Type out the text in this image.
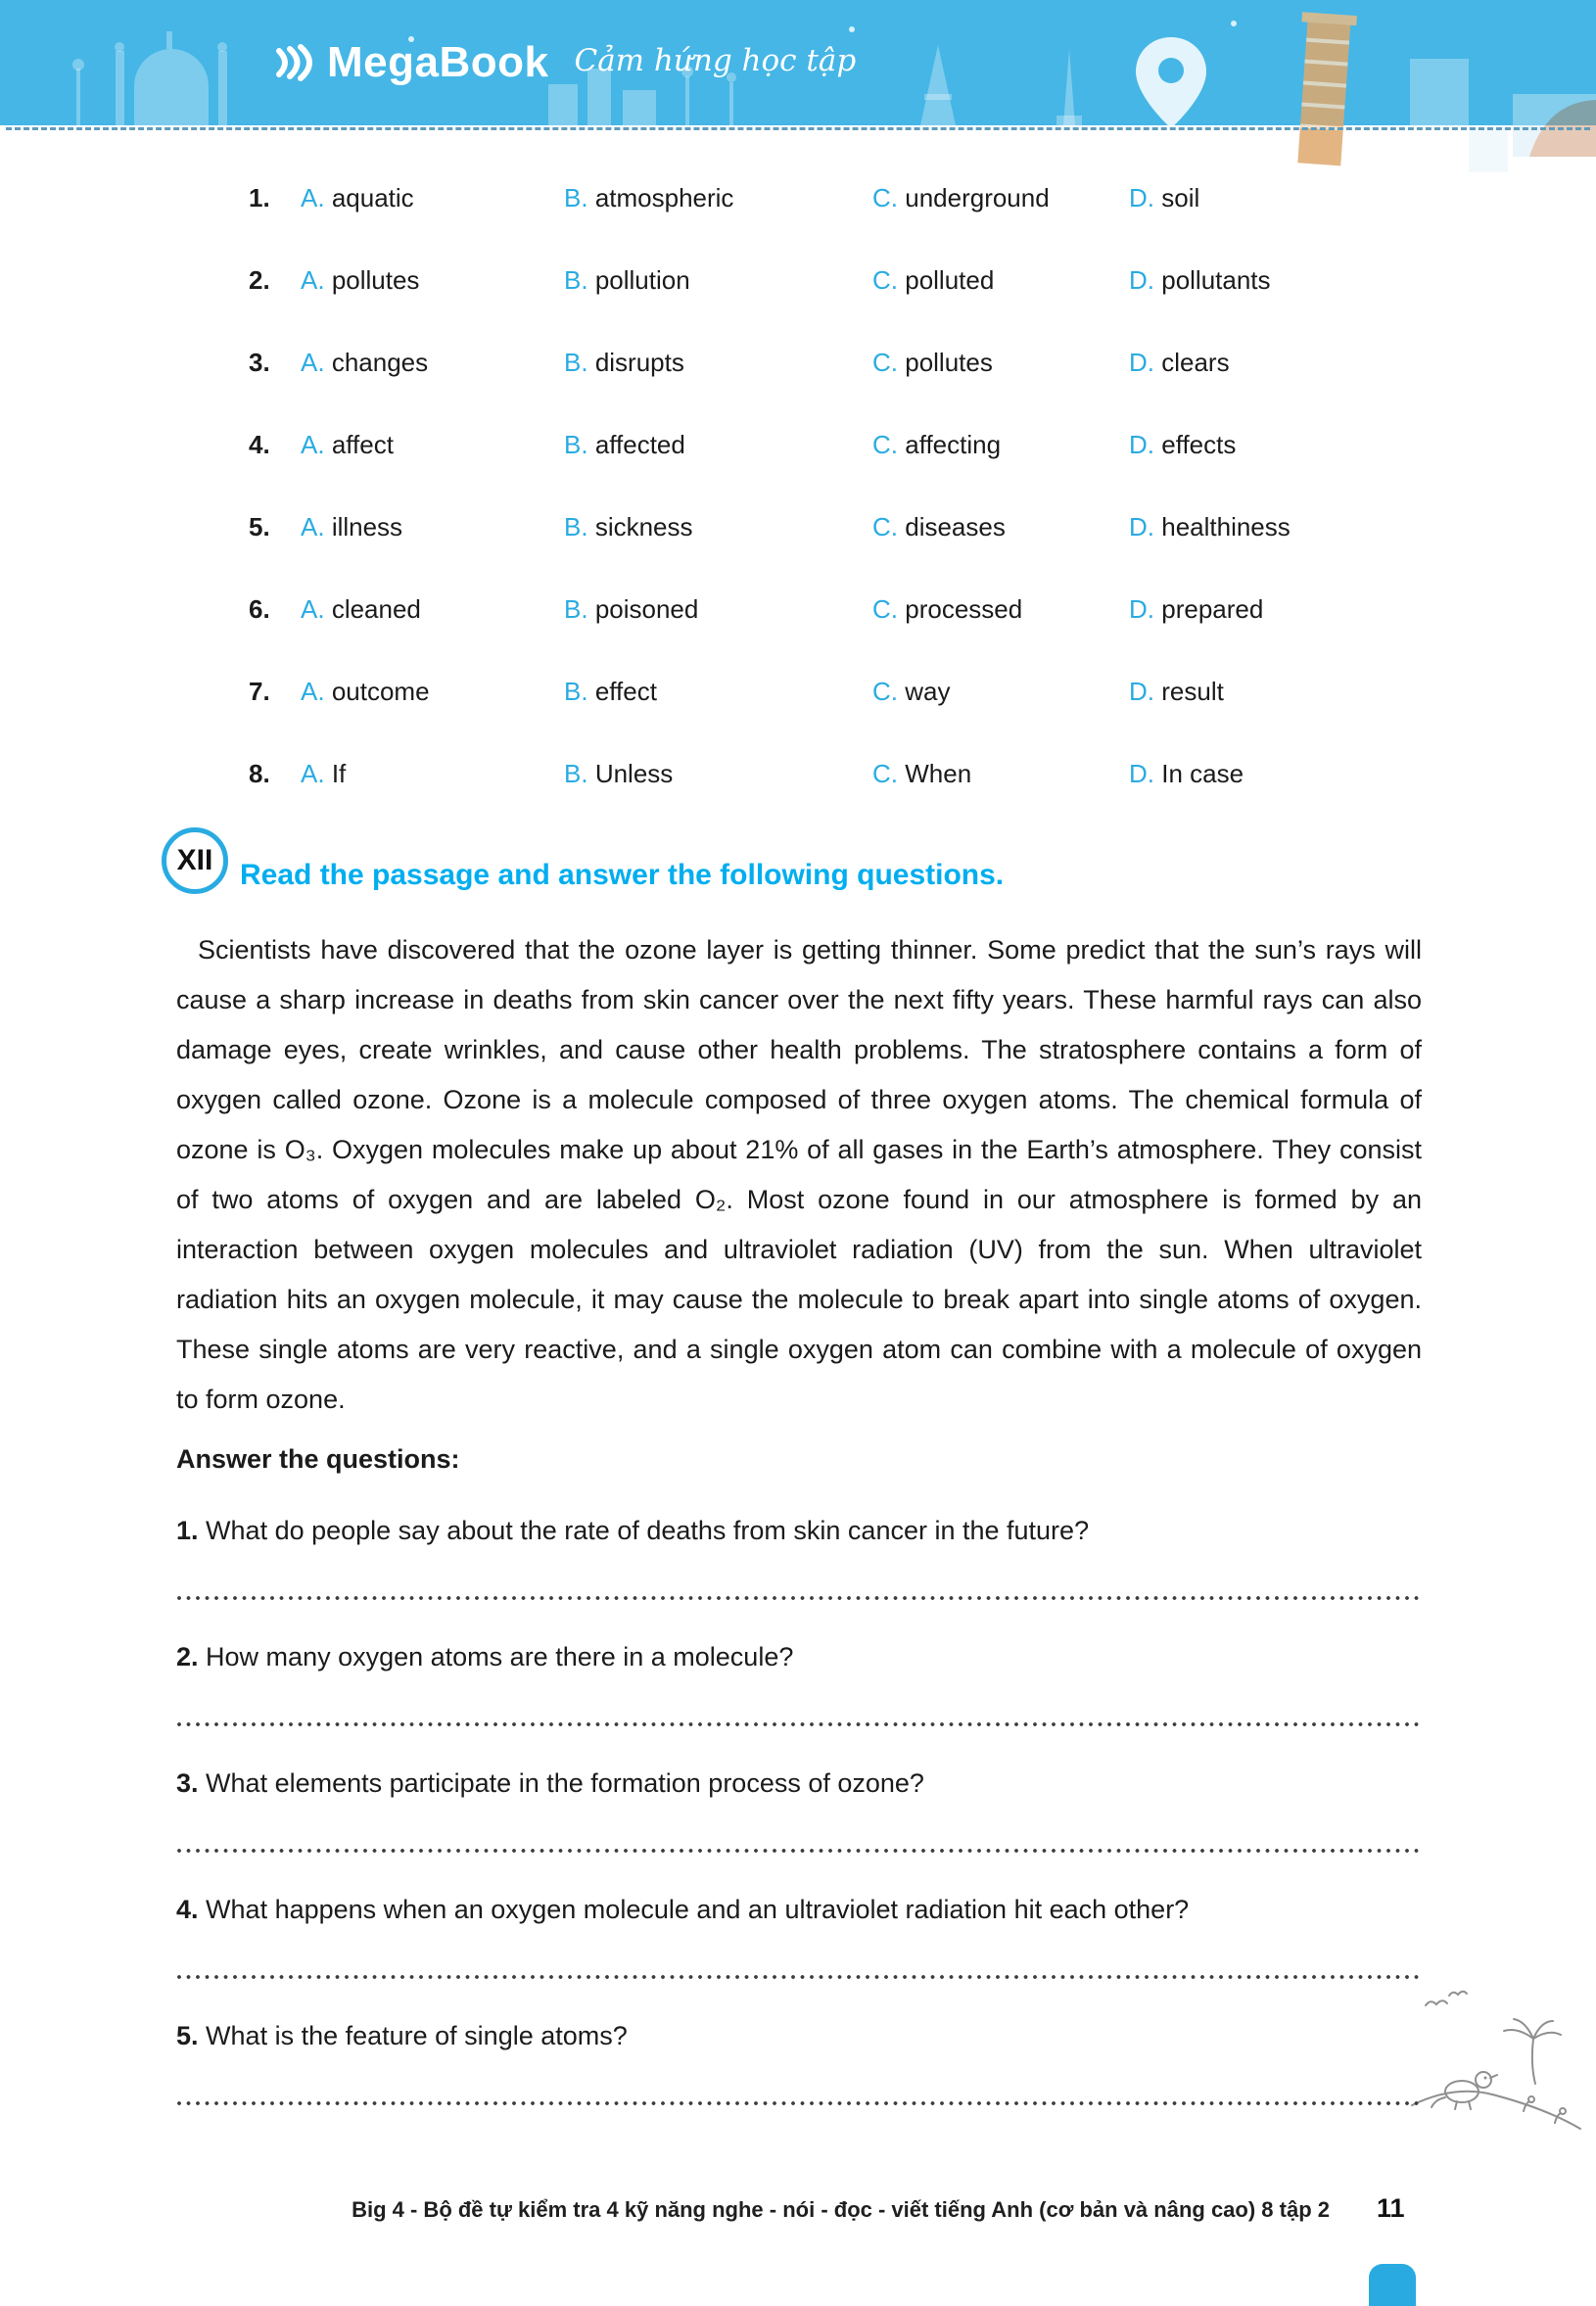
MegaBook Cảm hứng học tập
1.	A. aquatic	B. atmospheric	C. underground	D. soil
2.	A. pollutes	B. pollution	C. polluted	D. pollutants
3.	A. changes	B. disrupts	C. pollutes	D. clears
4.	A. affect	B. affected	C. affecting	D. effects
5.	A. illness	B. sickness	C. diseases	D. healthiness
6.	A. cleaned	B. poisoned	C. processed	D. prepared
7.	A. outcome	B. effect	C. way	D. result
8.	A. If	B. Unless	C. When	D. In case
XII Read the passage and answer the following questions.

Scientists have discovered that the ozone layer is getting thinner. Some predict that the sun’s rays will cause a sharp increase in deaths from skin cancer over the next fifty years. These harmful rays can also damage eyes, create wrinkles, and cause other health problems. The stratosphere contains a form of oxygen called ozone. Ozone is a molecule composed of three oxygen atoms. The chemical formula of ozone is O₃. Oxygen molecules make up about 21% of all gases in the Earth’s atmosphere. They consist of two atoms of oxygen and are labeled O₂. Most ozone found in our atmosphere is formed by an interaction between oxygen molecules and ultraviolet radiation (UV) from the sun. When ultraviolet radiation hits an oxygen molecule, it may cause the molecule to break apart into single atoms of oxygen. These single atoms are very reactive, and a single oxygen atom can combine with a molecule of oxygen to form ozone.

Answer the questions:

1. What do people say about the rate of deaths from skin cancer in the future?

2. How many oxygen atoms are there in a molecule?

3. What elements participate in the formation process of ozone?

4. What happens when an oxygen molecule and an ultraviolet radiation hit each other?

5. What is the feature of single atoms?

Big 4 - Bộ đề tự kiểm tra 4 kỹ năng nghe - nói - đọc - viết tiếng Anh (cơ bản và nâng cao) 8 tập 2 11
